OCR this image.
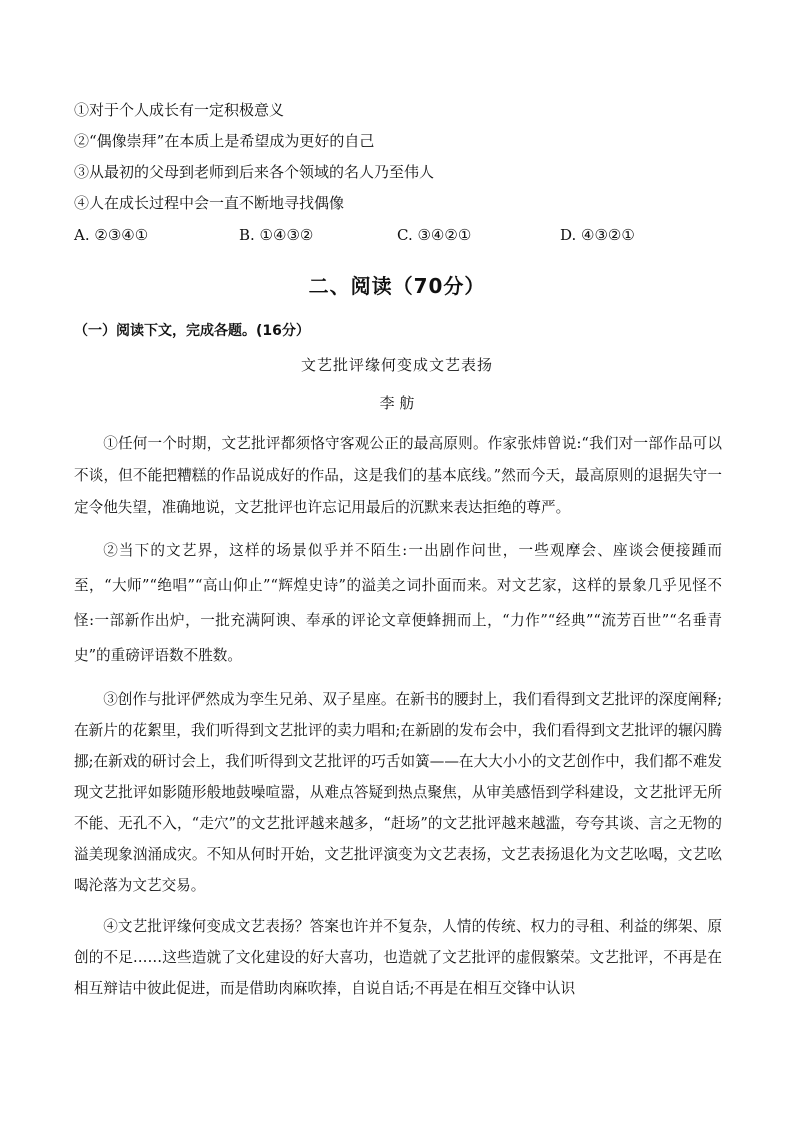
①对于个人成长有一定积极意义
②“偶像崇拜”在本质上是希望成为更好的自己
③从最初的父母到老师到后来各个领域的名人乃至伟人
④人在成长过程中会一直不断地寻找偶像
A. ②③④①	B. ①④③②	C. ③④②①	D. ④③②①
二、阅读（70分）
（一）阅读下文，完成各题。(16分）
文艺批评缘何变成文艺表扬
李 舫

①任何一个时期，文艺批评都须恪守客观公正的最高原则。作家张炜曾说:“我们对一部作品可以不谈，但不能把糟糕的作品说成好的作品，这是我们的基本底线。”然而今天，最高原则的退据失守一定令他失望，准确地说，文艺批评也许忘记用最后的沉默来表达拒绝的尊严。

②当下的文艺界，这样的场景似乎并不陌生:一出剧作问世，一些观摩会、座谈会便接踵而至，“大师”“绝唱”“高山仰止”“辉煌史诗”的溢美之词扑面而来。对文艺家，这样的景象几乎见怪不怪:一部新作出炉，一批充满阿谀、奉承的评论文章便蜂拥而上，“力作”“经典”“流芳百世”“名垂青史”的重磅评语数不胜数。

③创作与批评俨然成为孪生兄弟、双子星座。在新书的腰封上，我们看得到文艺批评的深度阐释;在新片的花絮里，我们听得到文艺批评的卖力唱和;在新剧的发布会中，我们看得到文艺批评的辗闪腾挪;在新戏的研讨会上，我们听得到文艺批评的巧舌如簧——在大大小小的文艺创作中，我们都不难发现文艺批评如影随形般地鼓噪喧嚣，从难点答疑到热点聚焦，从审美感悟到学科建设，文艺批评无所不能、无孔不入，“走穴”的文艺批评越来越多，“赶场”的文艺批评越来越滥，夸夸其谈、言之无物的溢美现象汹涌成灾。不知从何时开始，文艺批评演变为文艺表扬，文艺表扬退化为文艺吆喝，文艺吆喝沦落为文艺交易。

④文艺批评缘何变成文艺表扬？答案也许并不复杂，人情的传统、权力的寻租、利益的绑架、原创的不足……这些造就了文化建设的好大喜功，也造就了文艺批评的虚假繁荣。文艺批评，不再是在相互辩诘中彼此促进，而是借助肉麻吹捧，自说自话;不再是在相互交锋中认识
